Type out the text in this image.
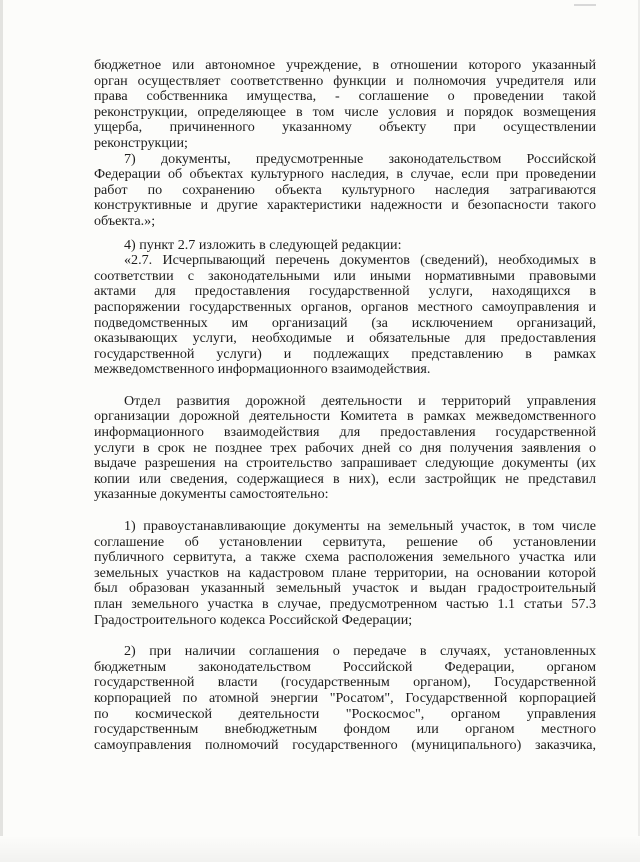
бюджетное или автономное учреждение, в отношении которого указанный
орган осуществляет соответственно функции и полномочия учредителя или
права собственника имущества, - соглашение о проведении такой
реконструкции, определяющее в том числе условия и порядок возмещения
ущерба, причиненного указанному объекту при осуществлении
реконструкции;
7) документы, предусмотренные законодательством Российской
Федерации об объектах культурного наследия, в случае, если при проведении
работ по сохранению объекта культурного наследия затрагиваются
конструктивные и другие характеристики надежности и безопасности такого
объекта.»;
4) пункт 2.7 изложить в следующей редакции:
«2.7. Исчерпывающий перечень документов (сведений), необходимых в
соответствии с законодательными или иными нормативными правовыми
актами для предоставления государственной услуги, находящихся в
распоряжении государственных органов, органов местного самоуправления и
подведомственных им организаций (за исключением организаций,
оказывающих услуги, необходимые и обязательные для предоставления
государственной услуги) и подлежащих представлению в рамках
межведомственного информационного взаимодействия.
Отдел развития дорожной деятельности и территорий управления
организации дорожной деятельности Комитета в рамках межведомственного
информационного взаимодействия для предоставления государственной
услуги в срок не позднее трех рабочих дней со дня получения заявления о
выдаче разрешения на строительство запрашивает следующие документы (их
копии или сведения, содержащиеся в них), если застройщик не представил
указанные документы самостоятельно:
1) правоустанавливающие документы на земельный участок, в том числе
соглашение об установлении сервитута, решение об установлении
публичного сервитута, а также схема расположения земельного участка или
земельных участков на кадастровом плане территории, на основании которой
был образован указанный земельный участок и выдан градостроительный
план земельного участка в случае, предусмотренном частью 1.1 статьи 57.3
Градостроительного кодекса Российской Федерации;
2) при наличии соглашения о передаче в случаях, установленных
бюджетным законодательством Российской Федерации, органом
государственной власти (государственным органом), Государственной
корпорацией по атомной энергии "Росатом", Государственной корпорацией
по космической деятельности "Роскосмос", органом управления
государственным внебюджетным фондом или органом местного
самоуправления полномочий государственного (муниципального) заказчика,
